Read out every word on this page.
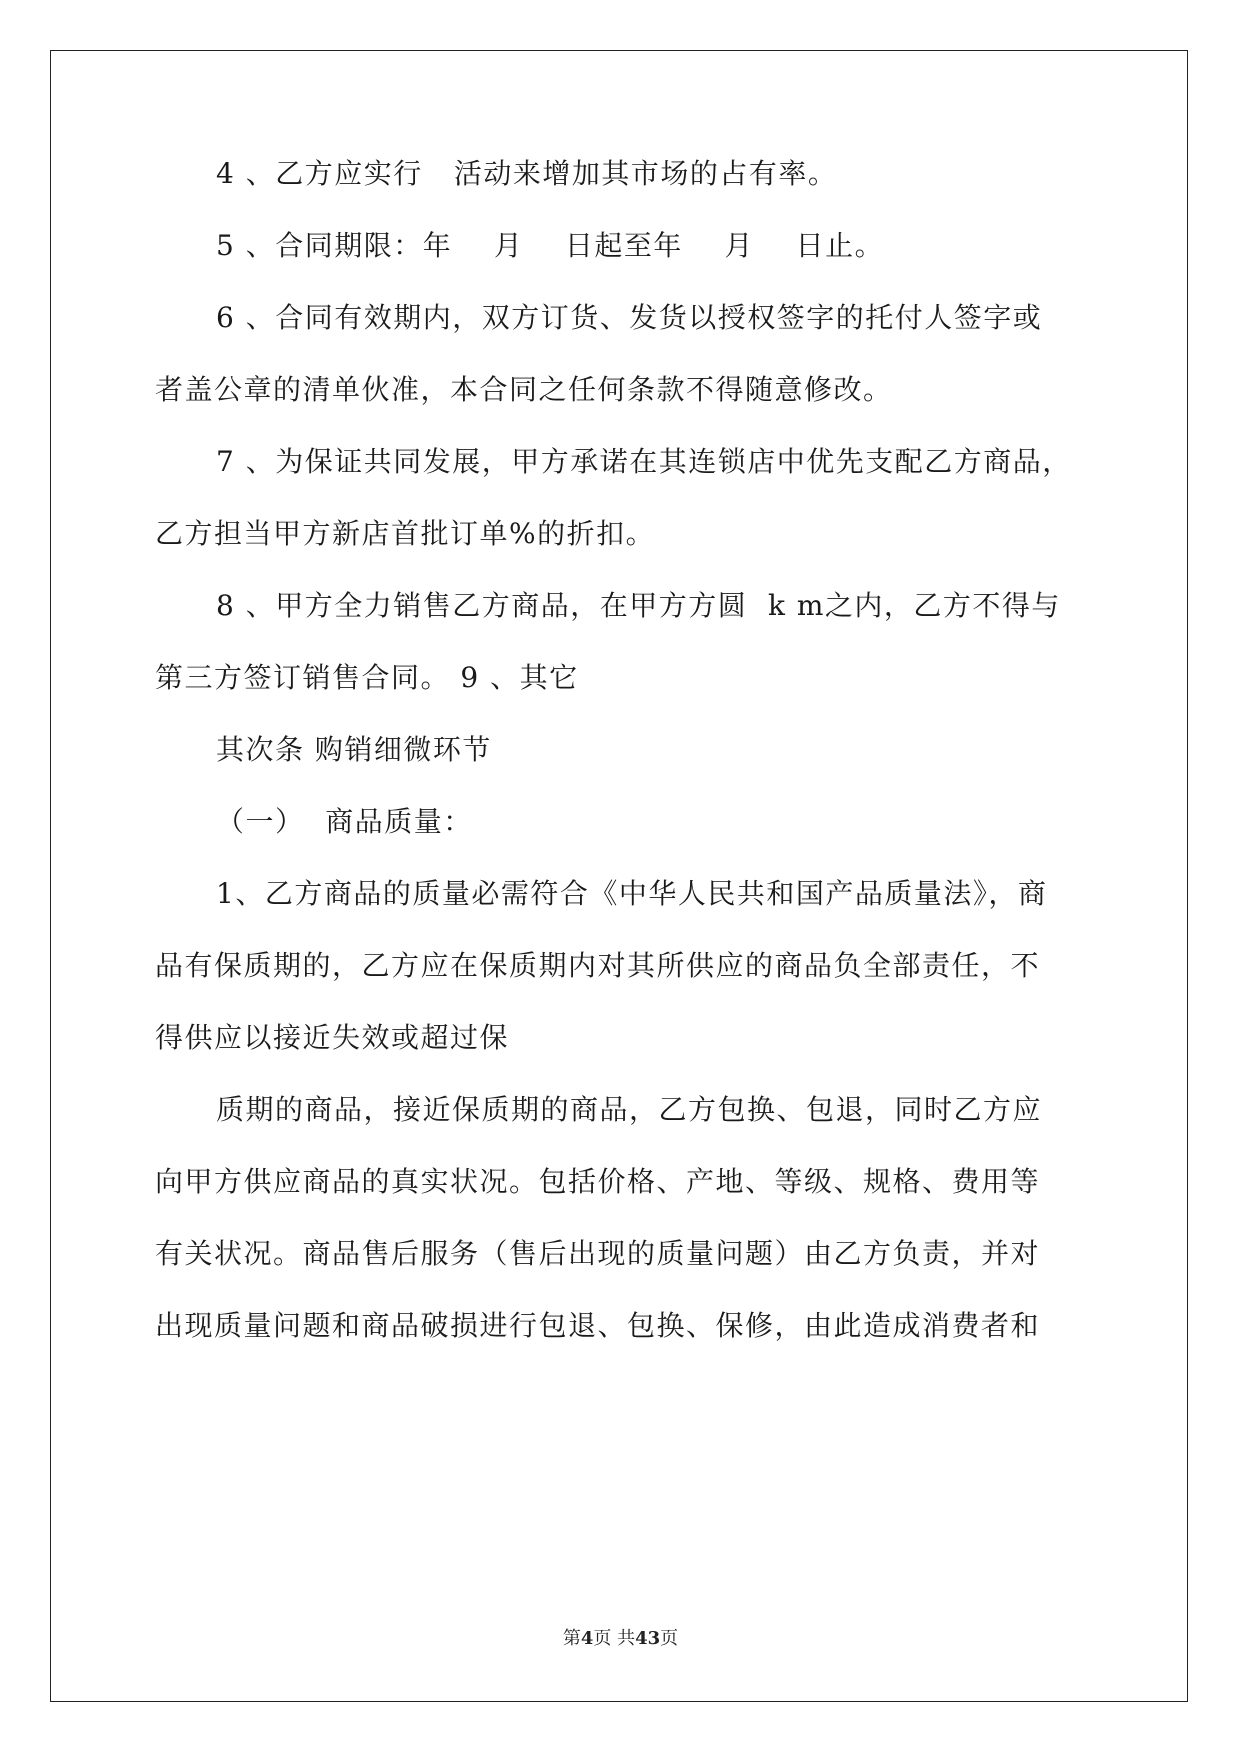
4 、乙方应实行   活动来增加其市场的占有率。
5 、合同期限：年    月    日起至年    月    日止。
6 、合同有效期内，双方订货、发货以授权签字的托付人签字或
者盖公章的清单伙准，本合同之任何条款不得随意修改。
7 、为保证共同发展，甲方承诺在其连锁店中优先支配乙方商品，
乙方担当甲方新店首批订单%的折扣。
8 、甲方全力销售乙方商品，在甲方方圆  k m之内，乙方不得与
第三方签订销售合同。 9 、其它
其次条 购销细微环节
（一）  商品质量：
1、乙方商品的质量必需符合《中华人民共和国产品质量法》，商
品有保质期的，乙方应在保质期内对其所供应的商品负全部责任，不
得供应以接近失效或超过保
质期的商品，接近保质期的商品，乙方包换、包退，同时乙方应
向甲方供应商品的真实状况。包括价格、产地、等级、规格、费用等
有关状况。商品售后服务（售后出现的质量问题）由乙方负责，并对
出现质量问题和商品破损进行包退、包换、保修，由此造成消费者和
第4页 共43页
